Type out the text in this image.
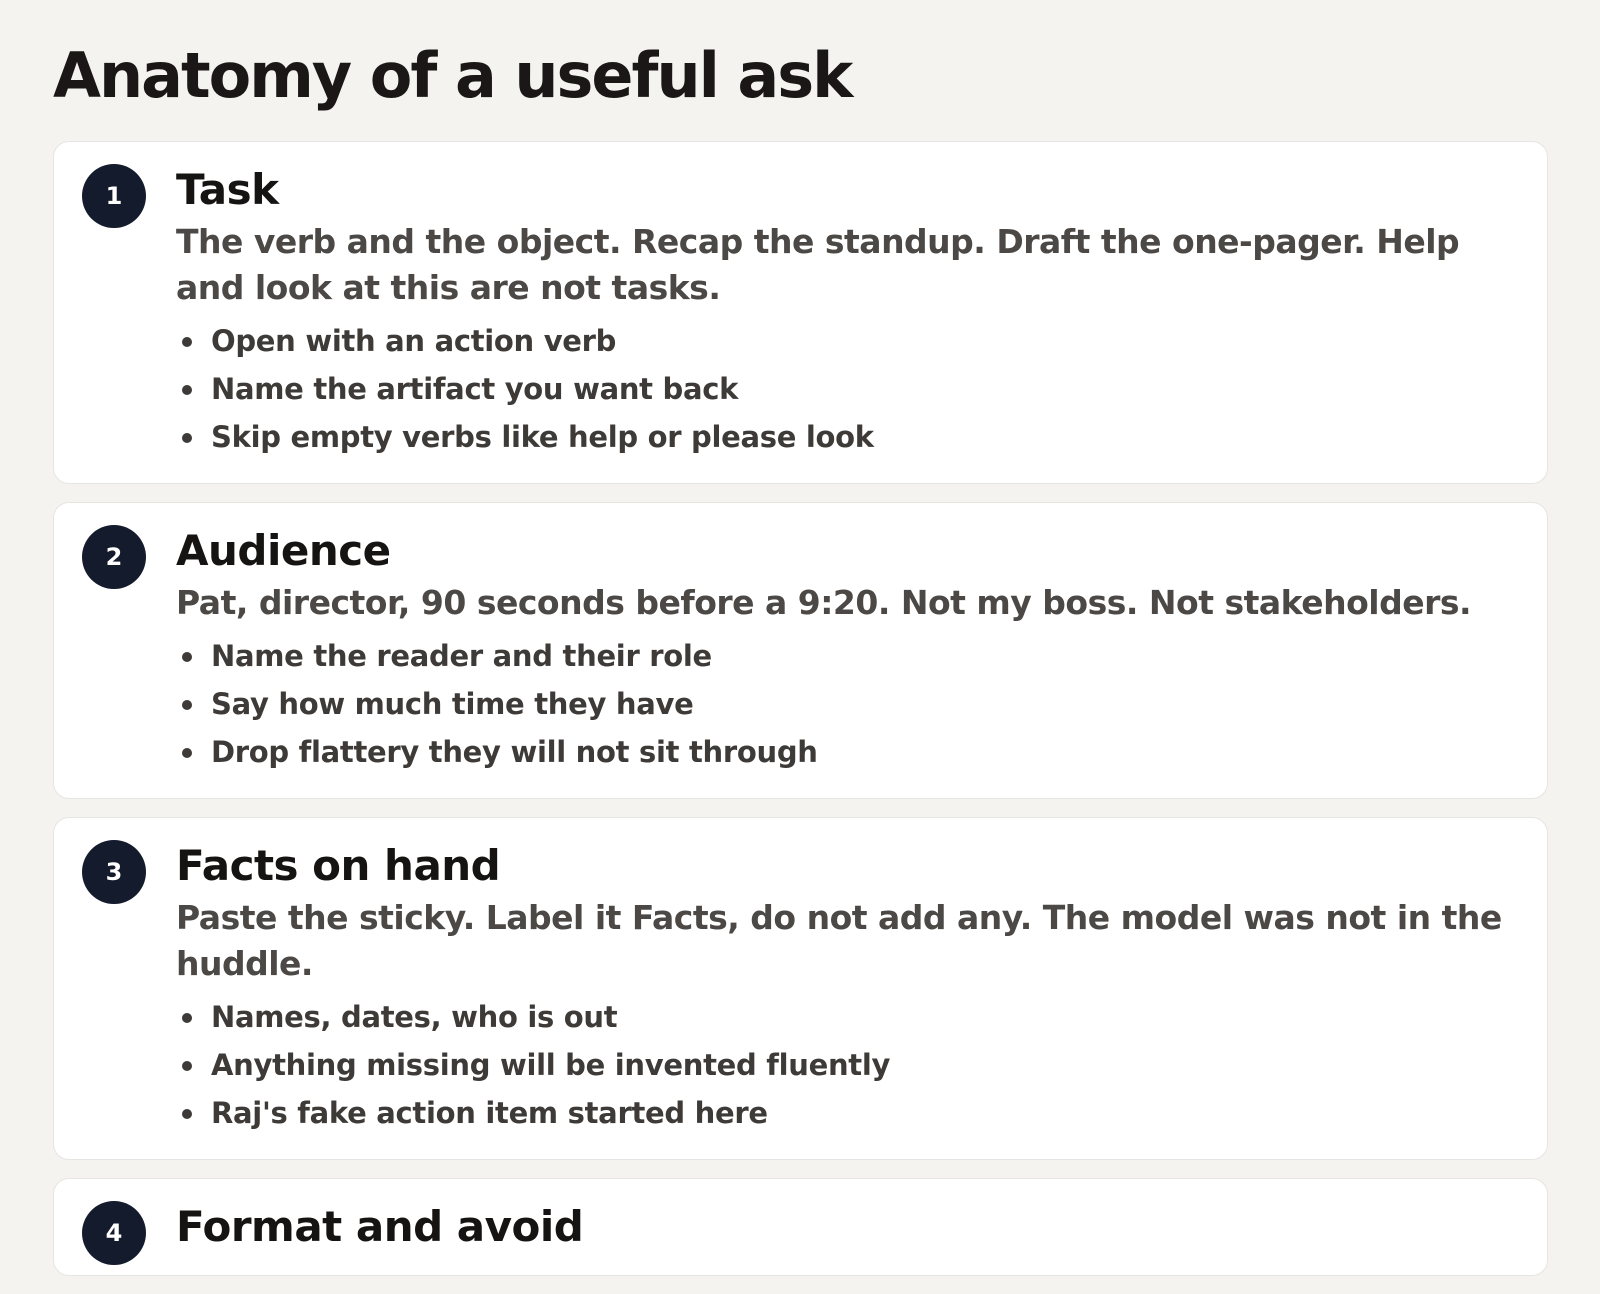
Anatomy of a useful ask
1	Task

The verb and the object. Recap the standup. Draft the one-pager. Help and look at this are not tasks.

Open with an action verb
Name the artifact you want back
Skip empty verbs like help or please look
2	Audience

Pat, director, 90 seconds before a 9:20. Not my boss. Not stakeholders.

Name the reader and their role
Say how much time they have
Drop flattery they will not sit through
3	Facts on hand

Paste the sticky. Label it Facts, do not add any. The model was not in the huddle.

Names, dates, who is out
Anything missing will be invented fluently
Raj's fake action item started here
4	Format and avoid
